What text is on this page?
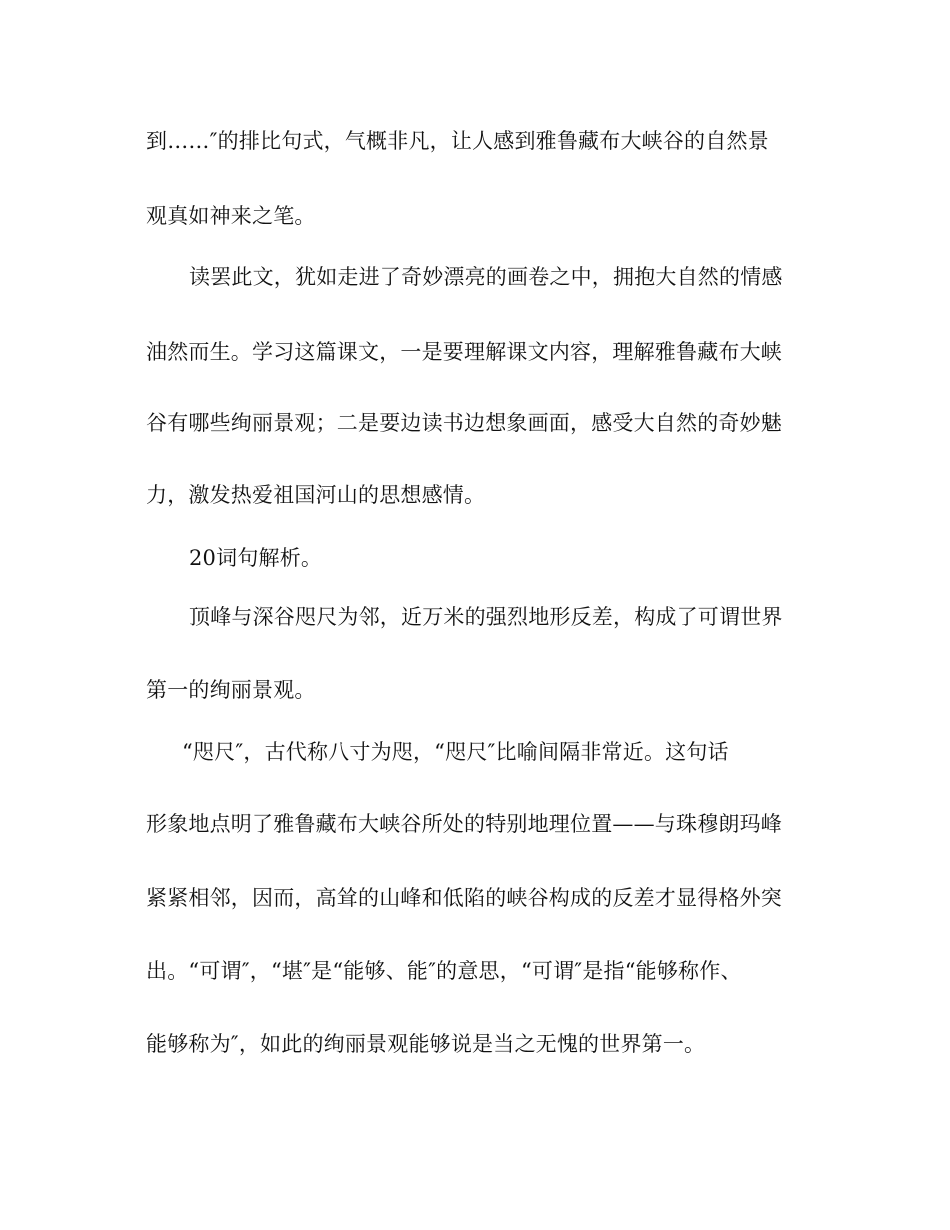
到……″的排比句式，气概非凡，让人感到雅鲁藏布大峡谷的自然景
观真如神来之笔。
读罢此文，犹如走进了奇妙漂亮的画卷之中，拥抱大自然的情感
油然而生。学习这篇课文，一是要理解课文内容，理解雅鲁藏布大峡
谷有哪些绚丽景观；二是要边读书边想象画面，感受大自然的奇妙魅
力，激发热爱祖国河山的思想感情。
20词句解析。
顶峰与深谷咫尺为邻，近万米的强烈地形反差，构成了可谓世界
第一的绚丽景观。
“咫尺″，古代称八寸为咫，“咫尺″比喻间隔非常近。这句话
形象地点明了雅鲁藏布大峡谷所处的特别地理位置——与珠穆朗玛峰
紧紧相邻，因而，高耸的山峰和低陷的峡谷构成的反差才显得格外突
出。“可谓″，“堪″是“能够、能″的意思，“可谓″是指“能够称作、
能够称为″，如此的绚丽景观能够说是当之无愧的世界第一。
